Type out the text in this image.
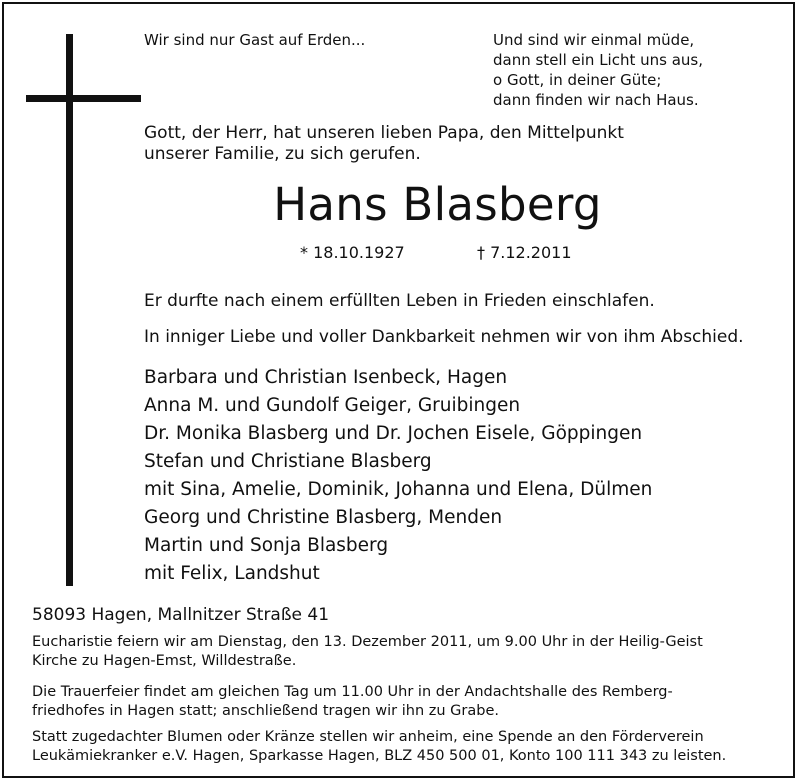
Wir sind nur Gast auf Erden...	Und sind wir einmal müde,
dann stell ein Licht uns aus,
o Gott, in deiner Güte;
dann finden wir nach Haus.
Gott, der Herr, hat unseren lieben Papa, den Mittelpunkt
unserer Familie, zu sich gerufen.
Hans Blasberg
* 18.10.1927	† 7.12.2011
Er durfte nach einem erfüllten Leben in Frieden einschlafen.
In inniger Liebe und voller Dankbarkeit nehmen wir von ihm Abschied.
Barbara und Christian Isenbeck, Hagen
Anna M. und Gundolf Geiger, Gruibingen
Dr. Monika Blasberg und Dr. Jochen Eisele, Göppingen
Stefan und Christiane Blasberg
mit Sina, Amelie, Dominik, Johanna und Elena, Dülmen
Georg und Christine Blasberg, Menden
Martin und Sonja Blasberg
mit Felix, Landshut
58093 Hagen, Mallnitzer Straße 41
Eucharistie feiern wir am Dienstag, den 13. Dezember 2011, um 9.00 Uhr in der Heilig-Geist
Kirche zu Hagen-Emst, Willdestraße.
Die Trauerfeier findet am gleichen Tag um 11.00 Uhr in der Andachtshalle des Remberg-
friedhofes in Hagen statt; anschließend tragen wir ihn zu Grabe.
Statt zugedachter Blumen oder Kränze stellen wir anheim, eine Spende an den Förderverein
Leukämiekranker e.V. Hagen, Sparkasse Hagen, BLZ 450 500 01, Konto 100 111 343 zu leisten.
